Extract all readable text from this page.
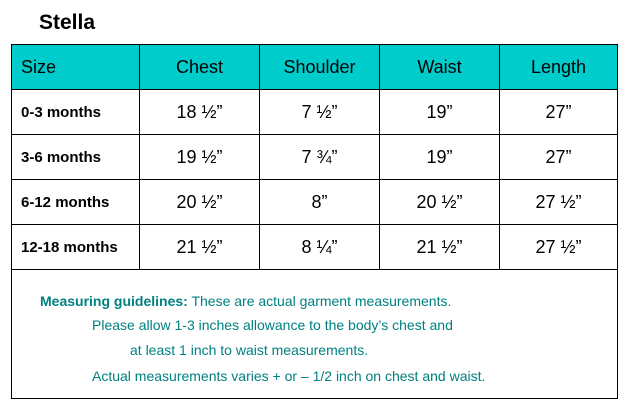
Stella
Size	Chest	Shoulder	Waist	Length
0-3 months	18 ½”	7 ½”	19”	27”
3-6 months	19 ½”	7 ¾”	19”	27”
6-12 months	20 ½”	8”	20 ½”	27 ½”
12-18 months	21 ½”	8 ¼”	21 ½”	27 ½”

Measuring guidelines: These are actual garment measurements.
Please allow 1-3 inches allowance to the body’s chest and
at least 1 inch to waist measurements.
Actual measurements varies + or – 1/2 inch on chest and waist.				
